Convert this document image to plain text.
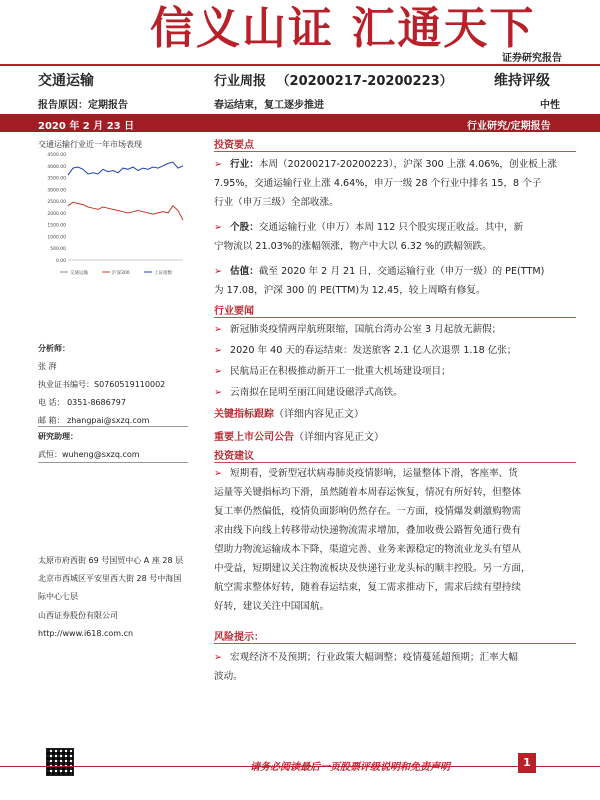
信义山证 汇通天下
证券研究报告
交通运输	行业周报 （20200217-20200223）	维持评级
报告原因：定期报告	春运结束，复工逐步推进	中性
2020 年 2 月 23 日	行业研究/定期报告
交通运输行业近一年市场表现
4500.00
4000.00
3500.00
3000.00
2500.00
2000.00
1500.00
1000.00
500.00
0.00
交通运输	沪深300	上证指数
分析师：
张 湃
执业证书编号：S0760519110002
电 话： 0351-8686797
邮 箱： zhangpai@sxzq.com
研究助理：
武恒：wuheng@sxzq.com
太原市府西街 69 号国贸中心 A 座 28 层
北京市西城区平安里西大街 28 号中海国
际中心七层
山西证券股份有限公司
http://www.i618.com.cn
投资要点
➢ 行业：本周（20200217-20200223），沪深 300 上涨 4.06%，创业板上涨
7.95%，交通运输行业上涨 4.64%，申万一级 28 个行业中排名 15，8 个子
行业（申万三级）全部收涨。
➢ 个股：交通运输行业（申万）本周 112 只个股实现正收益。其中，新
宁物流以 21.03%的涨幅领涨，物产中大以 6.32 %的跌幅领跌。
➢ 估值：截至 2020 年 2 月 21 日，交通运输行业（申万一级）的 PE(TTM)
为 17.08，沪深 300 的 PE(TTM)为 12.45，较上周略有修复。
行业要闻
➢ 新冠肺炎疫情两岸航班限缩，国航台湾办公室 3 月起放无薪假；
➢ 2020 年 40 天的春运结束：发送旅客 2.1 亿人次退票 1.18 亿张；
➢ 民航局正在积极推动新开工一批重大机场建设项目；
➢ 云南拟在昆明至丽江间建设磁浮式高铁。
关键指标跟踪（详细内容见正文）
重要上市公司公告（详细内容见正文）
投资建议
➢ 短期看，受新型冠状病毒肺炎疫情影响，运量整体下滑，客座率、货
运量等关键指标均下滑，虽然随着本周春运恢复，情况有所好转，但整体
复工率仍然偏低，疫情负面影响仍然存在。一方面，疫情爆发刺激购物需
求由线下向线上转移带动快递物流需求增加，叠加收费公路暂免通行费有
望助力物流运输成本下降，渠道完善、业务来源稳定的物流业龙头有望从
中受益，短期建议关注物流板块及快递行业龙头标的顺丰控股。另一方面，
航空需求整体好转，随着春运结束，复工需求推动下，需求后续有望持续
好转，建议关注中国国航。
风险提示：
➢ 宏观经济不及预期；行业政策大幅调整；疫情蔓延超预期；汇率大幅
波动。
请务必阅读最后一页股票评级说明和免责声明	1
